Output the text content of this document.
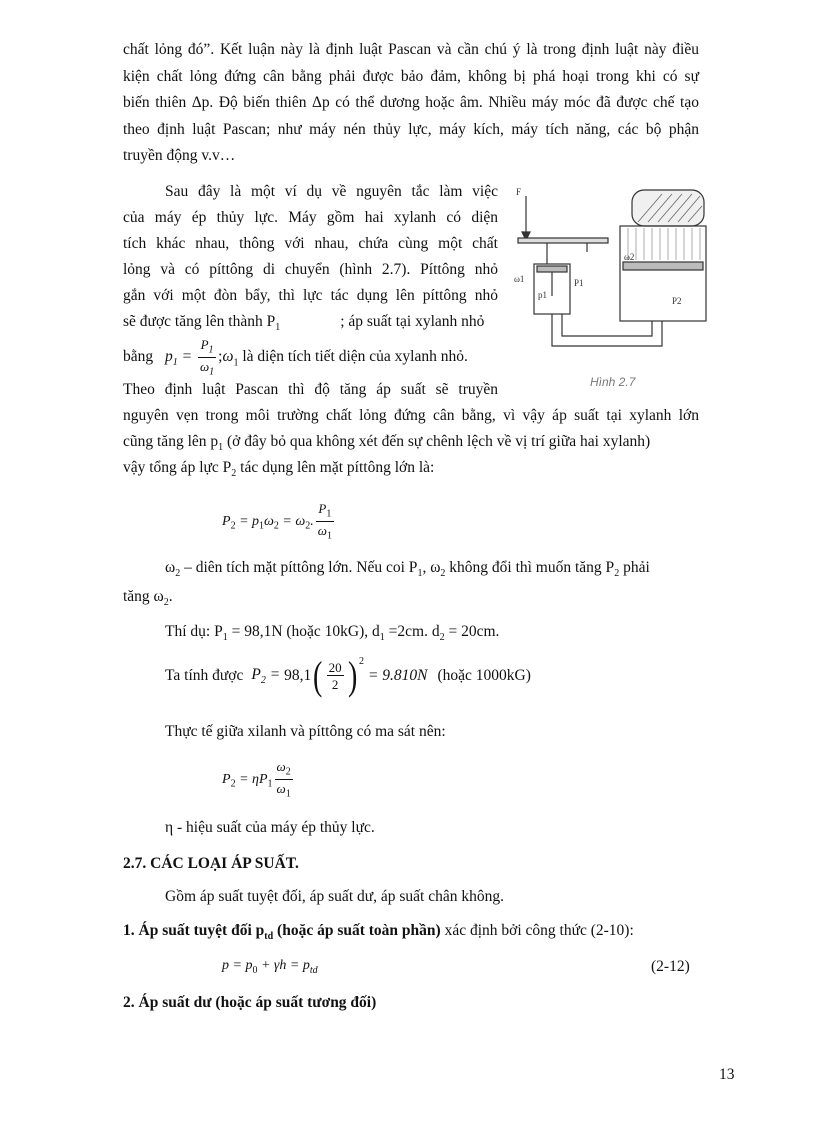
chất lỏng đó”. Kết luận này là định luật Pascan và cần chú ý là trong định luật này điều
kiện chất lỏng đứng cân bằng phải được bảo đảm, không bị phá hoại trong khi có sự
biến thiên Δp. Độ biến thiên Δp có thể dương hoặc âm. Nhiều máy móc đã được chế tạo
theo định luật Pascan; như máy nén thủy lực, máy kích, máy tích năng, các bộ phận
truyền động v.v…
Sau đây là một ví dụ về nguyên tắc làm việc
của máy ép thủy lực. Máy gồm hai xylanh có diện
tích khác nhau, thông với nhau, chứa cùng một chất
lỏng và có píttông di chuyển (hình 2.7). Píttông nhỏ
gắn với một đòn bẩy, thì lực tác dụng lên píttông nhỏ
sẽ được tăng lên thành $P_1$	; áp suất tại xylanh nhỏ
bằng $p_1 = \frac{P_1}{\omega_1}$ $;\omega_1$ là diện tích tiết diện của xylanh nhỏ.
Theo định luật Pascan thì độ tăng áp suất sẽ truyền
nguyên vẹn trong môi trường chất lỏng đứng cân bằng, vì vậy áp suất tại xylanh lớn
cũng tăng lên $p_1$ (ở đây bỏ qua không xét đến sự chênh lệch về vị trí giữa hai xylanh)
vậy tổng áp lực $P_2$ tác dụng lên mặt píttông lớn là:
F
ω1
ω2
p1
P1
P2
Hình 2.7
$P_2 = p_1\omega_2 = \omega_2$. $\frac{P_1}{\omega_1}$
$\omega_2$ – diên tích mặt píttông lớn. Nếu coi $P_1$, $\omega_2$ không đổi thì muốn tăng $P_2$ phải
tăng $\omega_2$.
Thí dụ: $P_1 = 98,1N$ (hoặc 10kG), $d_1 =2cm$. $d_2 = 20cm$.
Ta tính được $P_2 = 98,1$ ( $\frac{20}{2} )^2$
= 9.810N (hoặc 1000kG)
Thực tế giữa xilanh và píttông có ma sát nên:
$P_2 = \eta P_1 \frac{\omega_2}{\omega_1}$
η - hiệu suất của máy ép thủy lực.
2.7. CÁC LOẠI ÁP SUẤT.
Gồm áp suất tuyệt đối, áp suất dư, áp suất chân không.
1. Áp suất tuyệt đối $p_{td}$ (hoặc áp suất toàn phần) xác định bởi công thức (2-10):
$p = p_0 + \gamma h = p_{td}$	(2-12)
2. Áp suất dư (hoặc áp suất tương đối)
13
